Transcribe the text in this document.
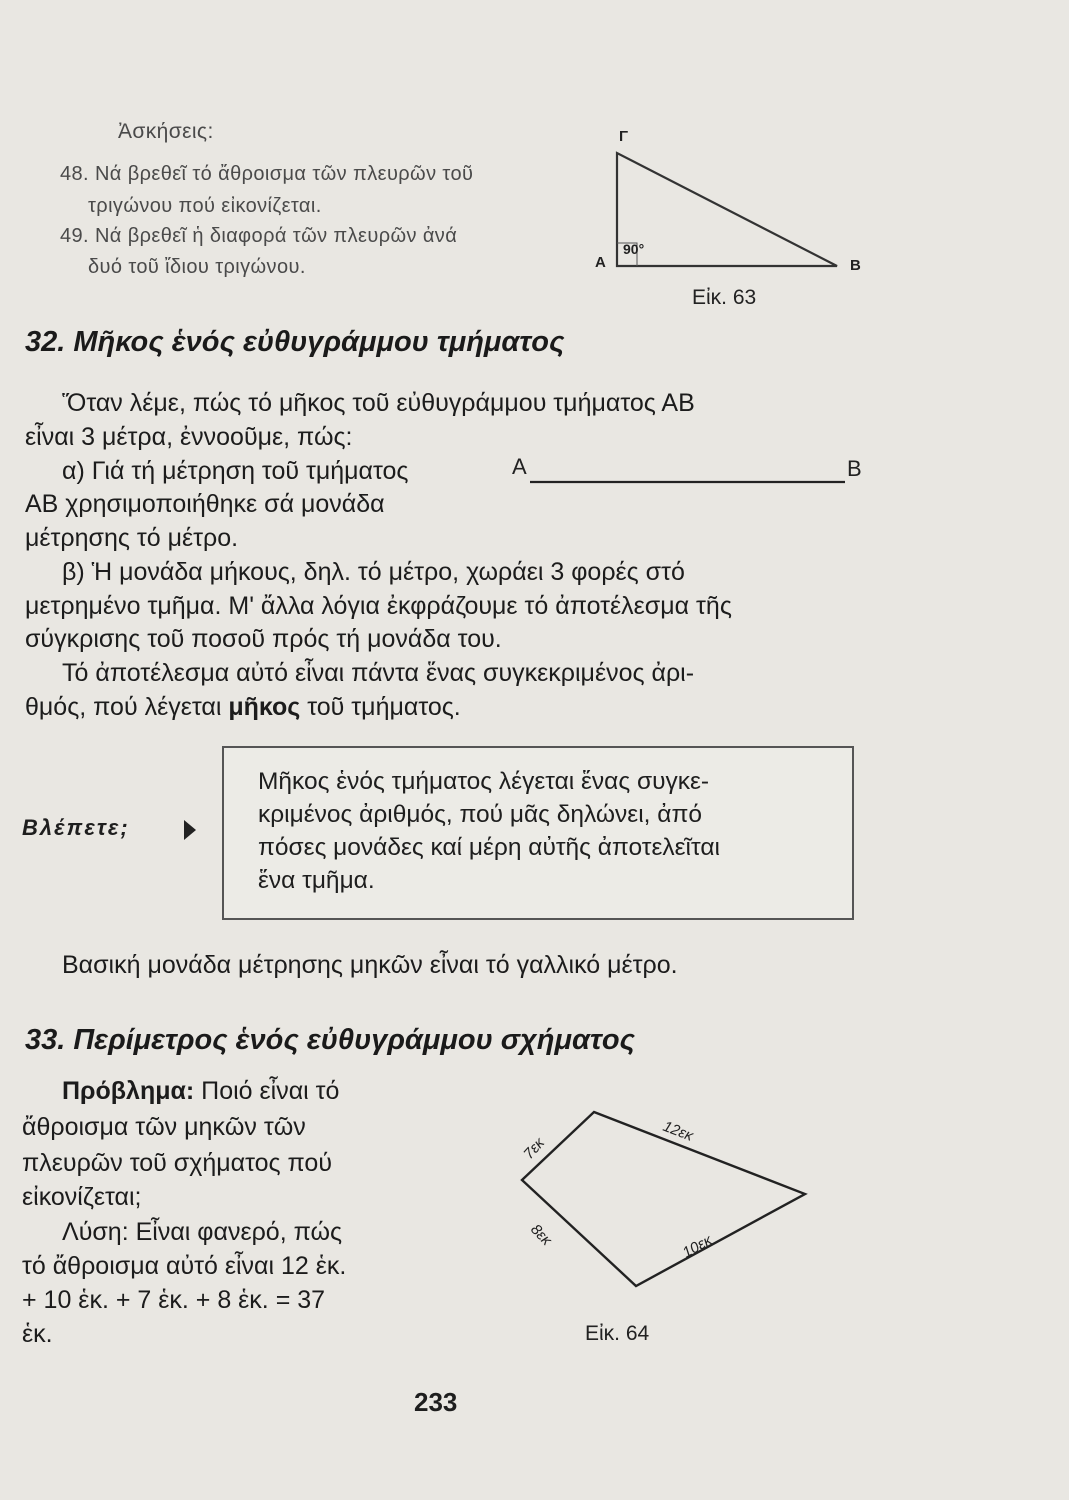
Ἀσκήσεις:
48. Νά βρεθεῖ τό ἄθροισμα τῶν πλευρῶν τοῦ
τριγώνου πού εἰκονίζεται.
49. Νά βρεθεῖ ἡ διαφορά τῶν πλευρῶν ἀνά
δυό τοῦ ἴδιου τριγώνου.
Γ
Α	Β
90°
Εἰκ. 63
32. Μῆκος ἑνός εὐθυγράμμου τμήματος
Ὅταν λέμε, πώς τό μῆκος τοῦ εὐθυγράμμου τμήματος ΑΒ
εἶναι 3 μέτρα, ἐννοοῦμε, πώς:
α) Γιά τή μέτρηση τοῦ τμήματος
ΑΒ χρησιμοποιήθηκε σά μονάδα
μέτρησης τό μέτρο.
Α	Β
β) Ἡ μονάδα μήκους, δηλ. τό μέτρο, χωράει 3 φορές στό
μετρημένο τμῆμα. Μ' ἄλλα λόγια ἐκφράζουμε τό ἀποτέλεσμα τῆς
σύγκρισης τοῦ ποσοῦ πρός τή μονάδα του.
Τό ἀποτέλεσμα αὐτό εἶναι πάντα ἕνας συγκεκριμένος ἀρι-
θμός, πού λέγεται μῆκος τοῦ τμήματος.
Βλέπετε;
Μῆκος ἑνός τμήματος λέγεται ἕνας συγκε-
κριμένος ἀριθμός, πού μᾶς δηλώνει, ἀπό
πόσες μονάδες καί μέρη αὐτῆς ἀποτελεῖται
ἕνα τμῆμα.
Βασική μονάδα μέτρησης μηκῶν εἶναι τό γαλλικό μέτρο.
33. Περίμετρος ἑνός εὐθυγράμμου σχήματος
Πρόβλημα: Ποιό εἶναι τό
ἄθροισμα τῶν μηκῶν τῶν
πλευρῶν τοῦ σχήματος πού
εἰκονίζεται;
Λύση: Εἶναι φανερό, πώς
τό ἄθροισμα αὐτό εἶναι 12 ἑκ.
+ 10 ἑκ. + 7 ἑκ. + 8 ἑκ. = 37
ἑκ.
12εκ
7εκ
8εκ	10εκ
Εἰκ. 64
233
